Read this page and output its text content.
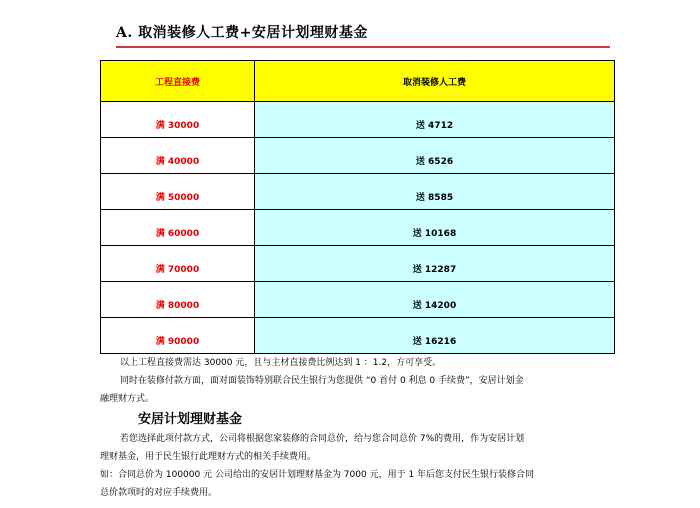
A. 取消装修人工费+安居计划理财基金
工程直接费	取消装修人工费
满 30000	送 4712
满 40000	送 6526
满 50000	送 8585
满 60000	送 10168
满 70000	送 12287
满 80000	送 14200
满 90000	送 16216
以上工程直接费需达 30000 元，且与主材直接费比例达到 1 ：1.2，方可享受。
同时在装修付款方面，面对面装饰特别联合民生银行为您提供 “0 首付 0 利息 0 手续费”，安居计划金
融理财方式。
安居计划理财基金
若您选择此项付款方式，公司将根据您家装修的合同总价，给与您合同总价 7%的费用，作为安居计划
理财基金，用于民生银行此理财方式的相关手续费用。
如：合同总价为 100000 元 公司给出的安居计划理财基金为 7000 元，用于 1 年后您支付民生银行装修合同
总价款项时的对应手续费用。
